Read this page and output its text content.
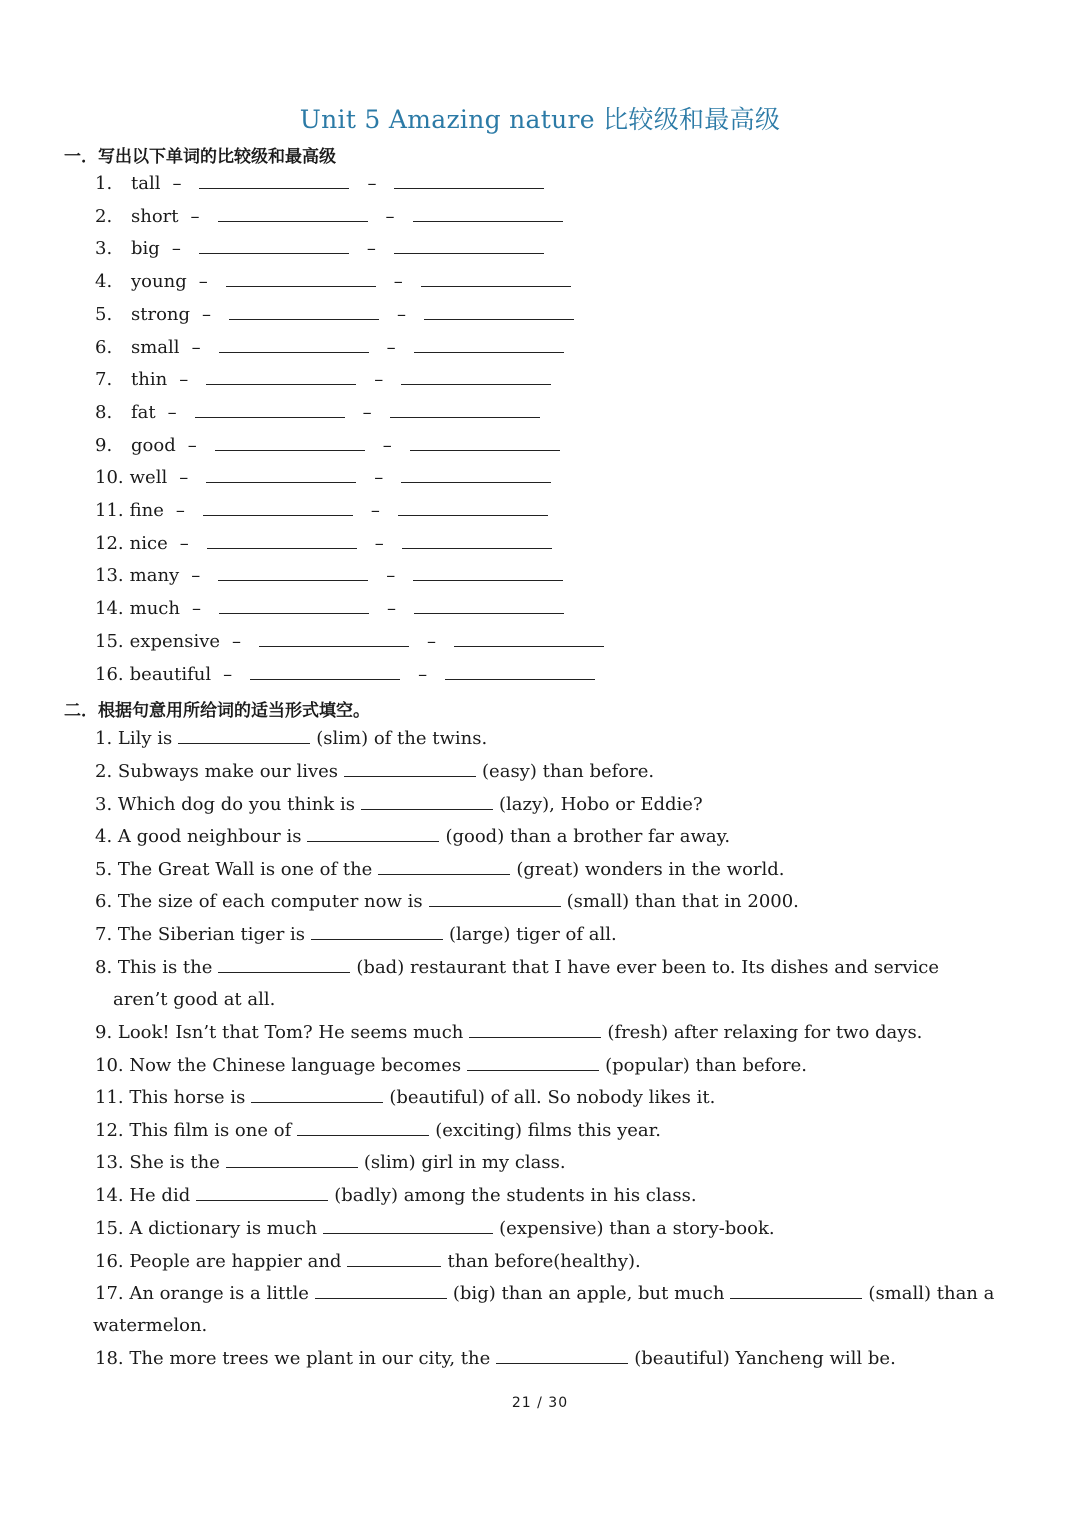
Unit 5 Amazing nature 比较级和最高级
一．写出以下单词的比较级和最高级
1. tall –	–
2. short –	–
3. big –	–
4. young –	–
5. strong –	–
6. small –	–
7. thin –	–
8. fat –	–
9. good –	–
10. well –	–
11. fine –	–
12. nice –	–
13. many –	–
14. much –	–
15. expensive –	–
16. beautiful –	–
二．根据句意用所给词的适当形式填空。
1. Lily is	(slim) of the twins.
2. Subways make our lives	(easy) than before.
3. Which dog do you think is	(lazy), Hobo or Eddie?
4. A good neighbour is	(good) than a brother far away.
5. The Great Wall is one of the	(great) wonders in the world.
6. The size of each computer now is	(small) than that in 2000.
7. The Siberian tiger is	(large) tiger of all.
8. This is the	(bad) restaurant that I have ever been to. Its dishes and service
9. Look! Isn’t that Tom? He seems much	(fresh) after relaxing for two days.
10. Now the Chinese language becomes	(popular) than before.
11. This horse is	(beautiful) of all. So nobody likes it.
12. This film is one of	(exciting) films this year.
13. She is the	(slim) girl in my class.
14. He did	(badly) among the students in his class.
15. A dictionary is much	(expensive) than a story-book.
16. People are happier and	than before(healthy).
17. An orange is a little	(big) than an apple, but much	(small) than a
18. The more trees we plant in our city, the	(beautiful) Yancheng will be.
aren’t good at all.
watermelon.
21 / 30
